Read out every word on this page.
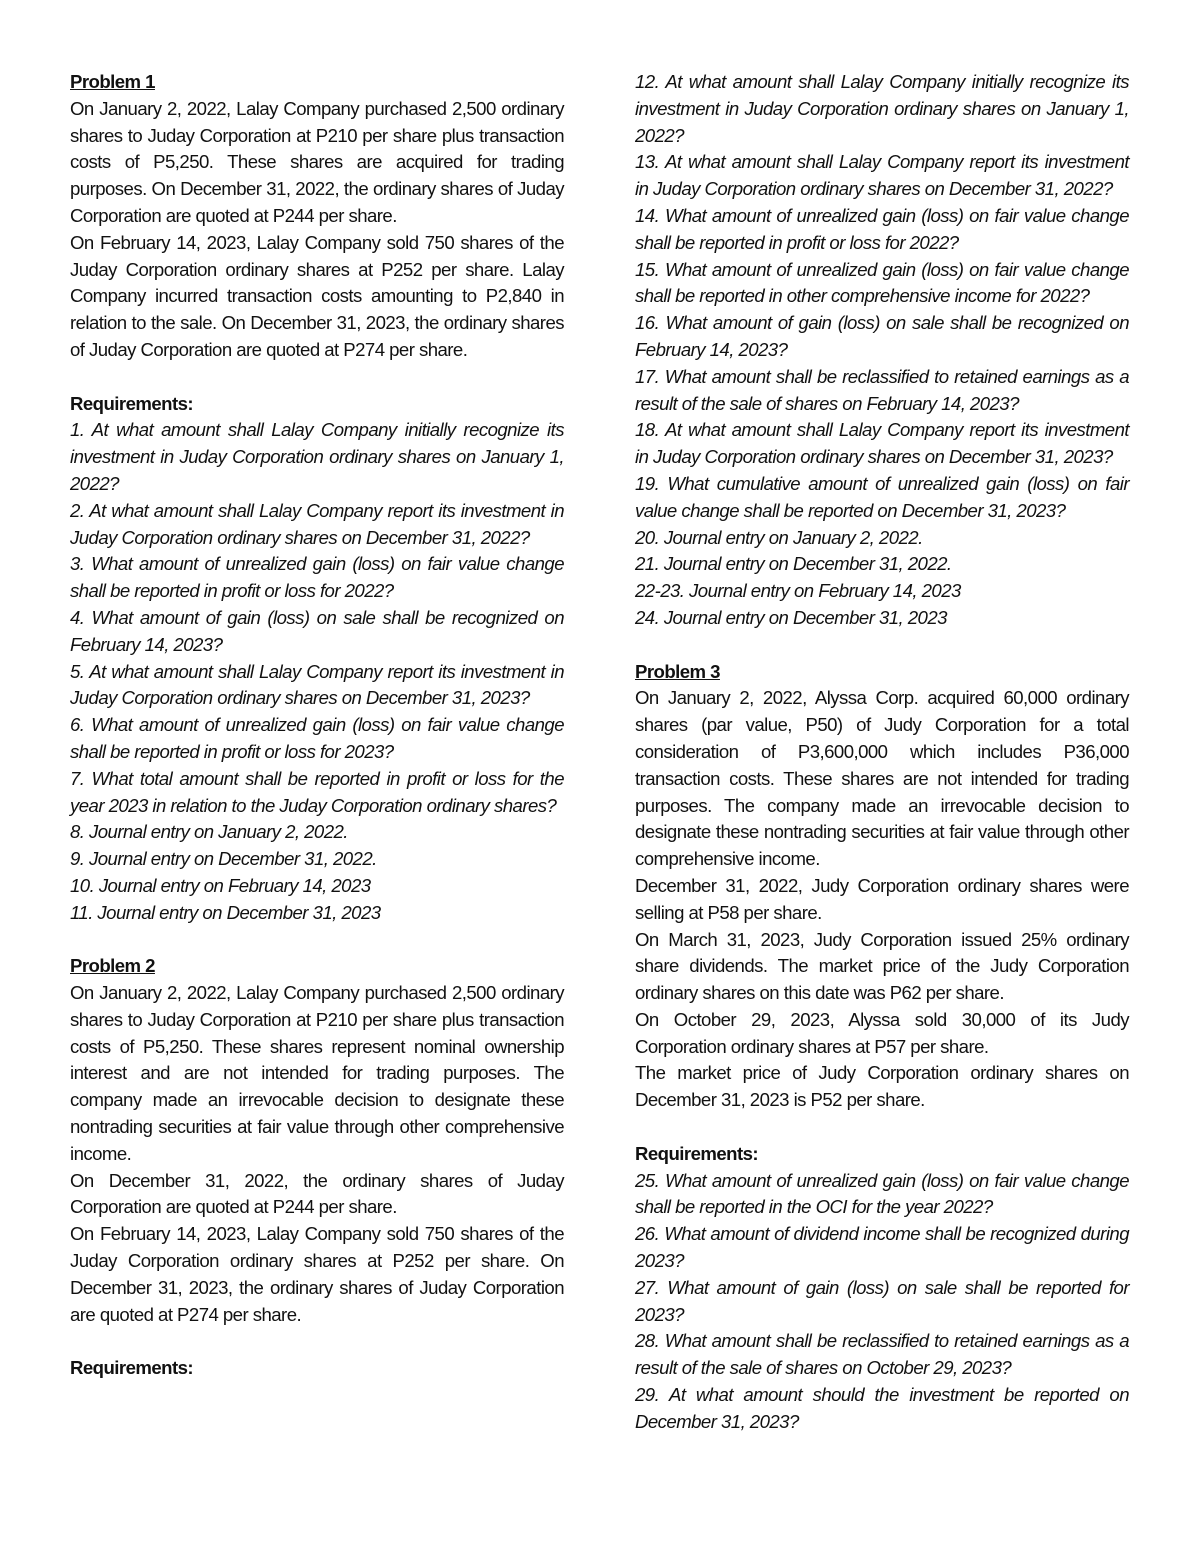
Problem 1
On January 2, 2022, Lalay Company purchased 2,500 ordinary shares to Juday Corporation at P210 per share plus transaction costs of P5,250. These shares are acquired for trading purposes. On December 31, 2022, the ordinary shares of Juday Corporation are quoted at P244 per share.
On February 14, 2023, Lalay Company sold 750 shares of the Juday Corporation ordinary shares at P252 per share. Lalay Company incurred transaction costs amounting to P2,840 in relation to the sale. On December 31, 2023, the ordinary shares of Juday Corporation are quoted at P274 per share.
Requirements:
1. At what amount shall Lalay Company initially recognize its investment in Juday Corporation ordinary shares on January 1, 2022?
2. At what amount shall Lalay Company report its investment in Juday Corporation ordinary shares on December 31, 2022?
3. What amount of unrealized gain (loss) on fair value change shall be reported in profit or loss for 2022?
4. What amount of gain (loss) on sale shall be recognized on February 14, 2023?
5. At what amount shall Lalay Company report its investment in Juday Corporation ordinary shares on December 31, 2023?
6. What amount of unrealized gain (loss) on fair value change shall be reported in profit or loss for 2023?
7. What total amount shall be reported in profit or loss for the year 2023 in relation to the Juday Corporation ordinary shares?
8. Journal entry on January 2, 2022.
9. Journal entry on December 31, 2022.
10. Journal entry on February 14, 2023
11. Journal entry on December 31, 2023
Problem 2
On January 2, 2022, Lalay Company purchased 2,500 ordinary shares to Juday Corporation at P210 per share plus transaction costs of P5,250. These shares represent nominal ownership interest and are not intended for trading purposes. The company made an irrevocable decision to designate these nontrading securities at fair value through other comprehensive income.
On December 31, 2022, the ordinary shares of Juday Corporation are quoted at P244 per share.
On February 14, 2023, Lalay Company sold 750 shares of the Juday Corporation ordinary shares at P252 per share. On December 31, 2023, the ordinary shares of Juday Corporation are quoted at P274 per share.
Requirements:
12. At what amount shall Lalay Company initially recognize its investment in Juday Corporation ordinary shares on January 1, 2022?
13. At what amount shall Lalay Company report its investment in Juday Corporation ordinary shares on December 31, 2022?
14. What amount of unrealized gain (loss) on fair value change shall be reported in profit or loss for 2022?
15. What amount of unrealized gain (loss) on fair value change shall be reported in other comprehensive income for 2022?
16. What amount of gain (loss) on sale shall be recognized on February 14, 2023?
17. What amount shall be reclassified to retained earnings as a result of the sale of shares on February 14, 2023?
18. At what amount shall Lalay Company report its investment in Juday Corporation ordinary shares on December 31, 2023?
19. What cumulative amount of unrealized gain (loss) on fair value change shall be reported on December 31, 2023?
20. Journal entry on January 2, 2022.
21. Journal entry on December 31, 2022.
22-23. Journal entry on February 14, 2023
24. Journal entry on December 31, 2023
Problem 3
On January 2, 2022, Alyssa Corp. acquired 60,000 ordinary shares (par value, P50) of Judy Corporation for a total consideration of P3,600,000 which includes P36,000 transaction costs. These shares are not intended for trading purposes. The company made an irrevocable decision to designate these nontrading securities at fair value through other comprehensive income.
December 31, 2022, Judy Corporation ordinary shares were selling at P58 per share.
On March 31, 2023, Judy Corporation issued 25% ordinary share dividends. The market price of the Judy Corporation ordinary shares on this date was P62 per share.
On October 29, 2023, Alyssa sold 30,000 of its Judy Corporation ordinary shares at P57 per share.
The market price of Judy Corporation ordinary shares on December 31, 2023 is P52 per share.
Requirements:
25. What amount of unrealized gain (loss) on fair value change shall be reported in the OCI for the year 2022?
26. What amount of dividend income shall be recognized during 2023?
27. What amount of gain (loss) on sale shall be reported for 2023?
28. What amount shall be reclassified to retained earnings as a result of the sale of shares on October 29, 2023?
29. At what amount should the investment be reported on December 31, 2023?
